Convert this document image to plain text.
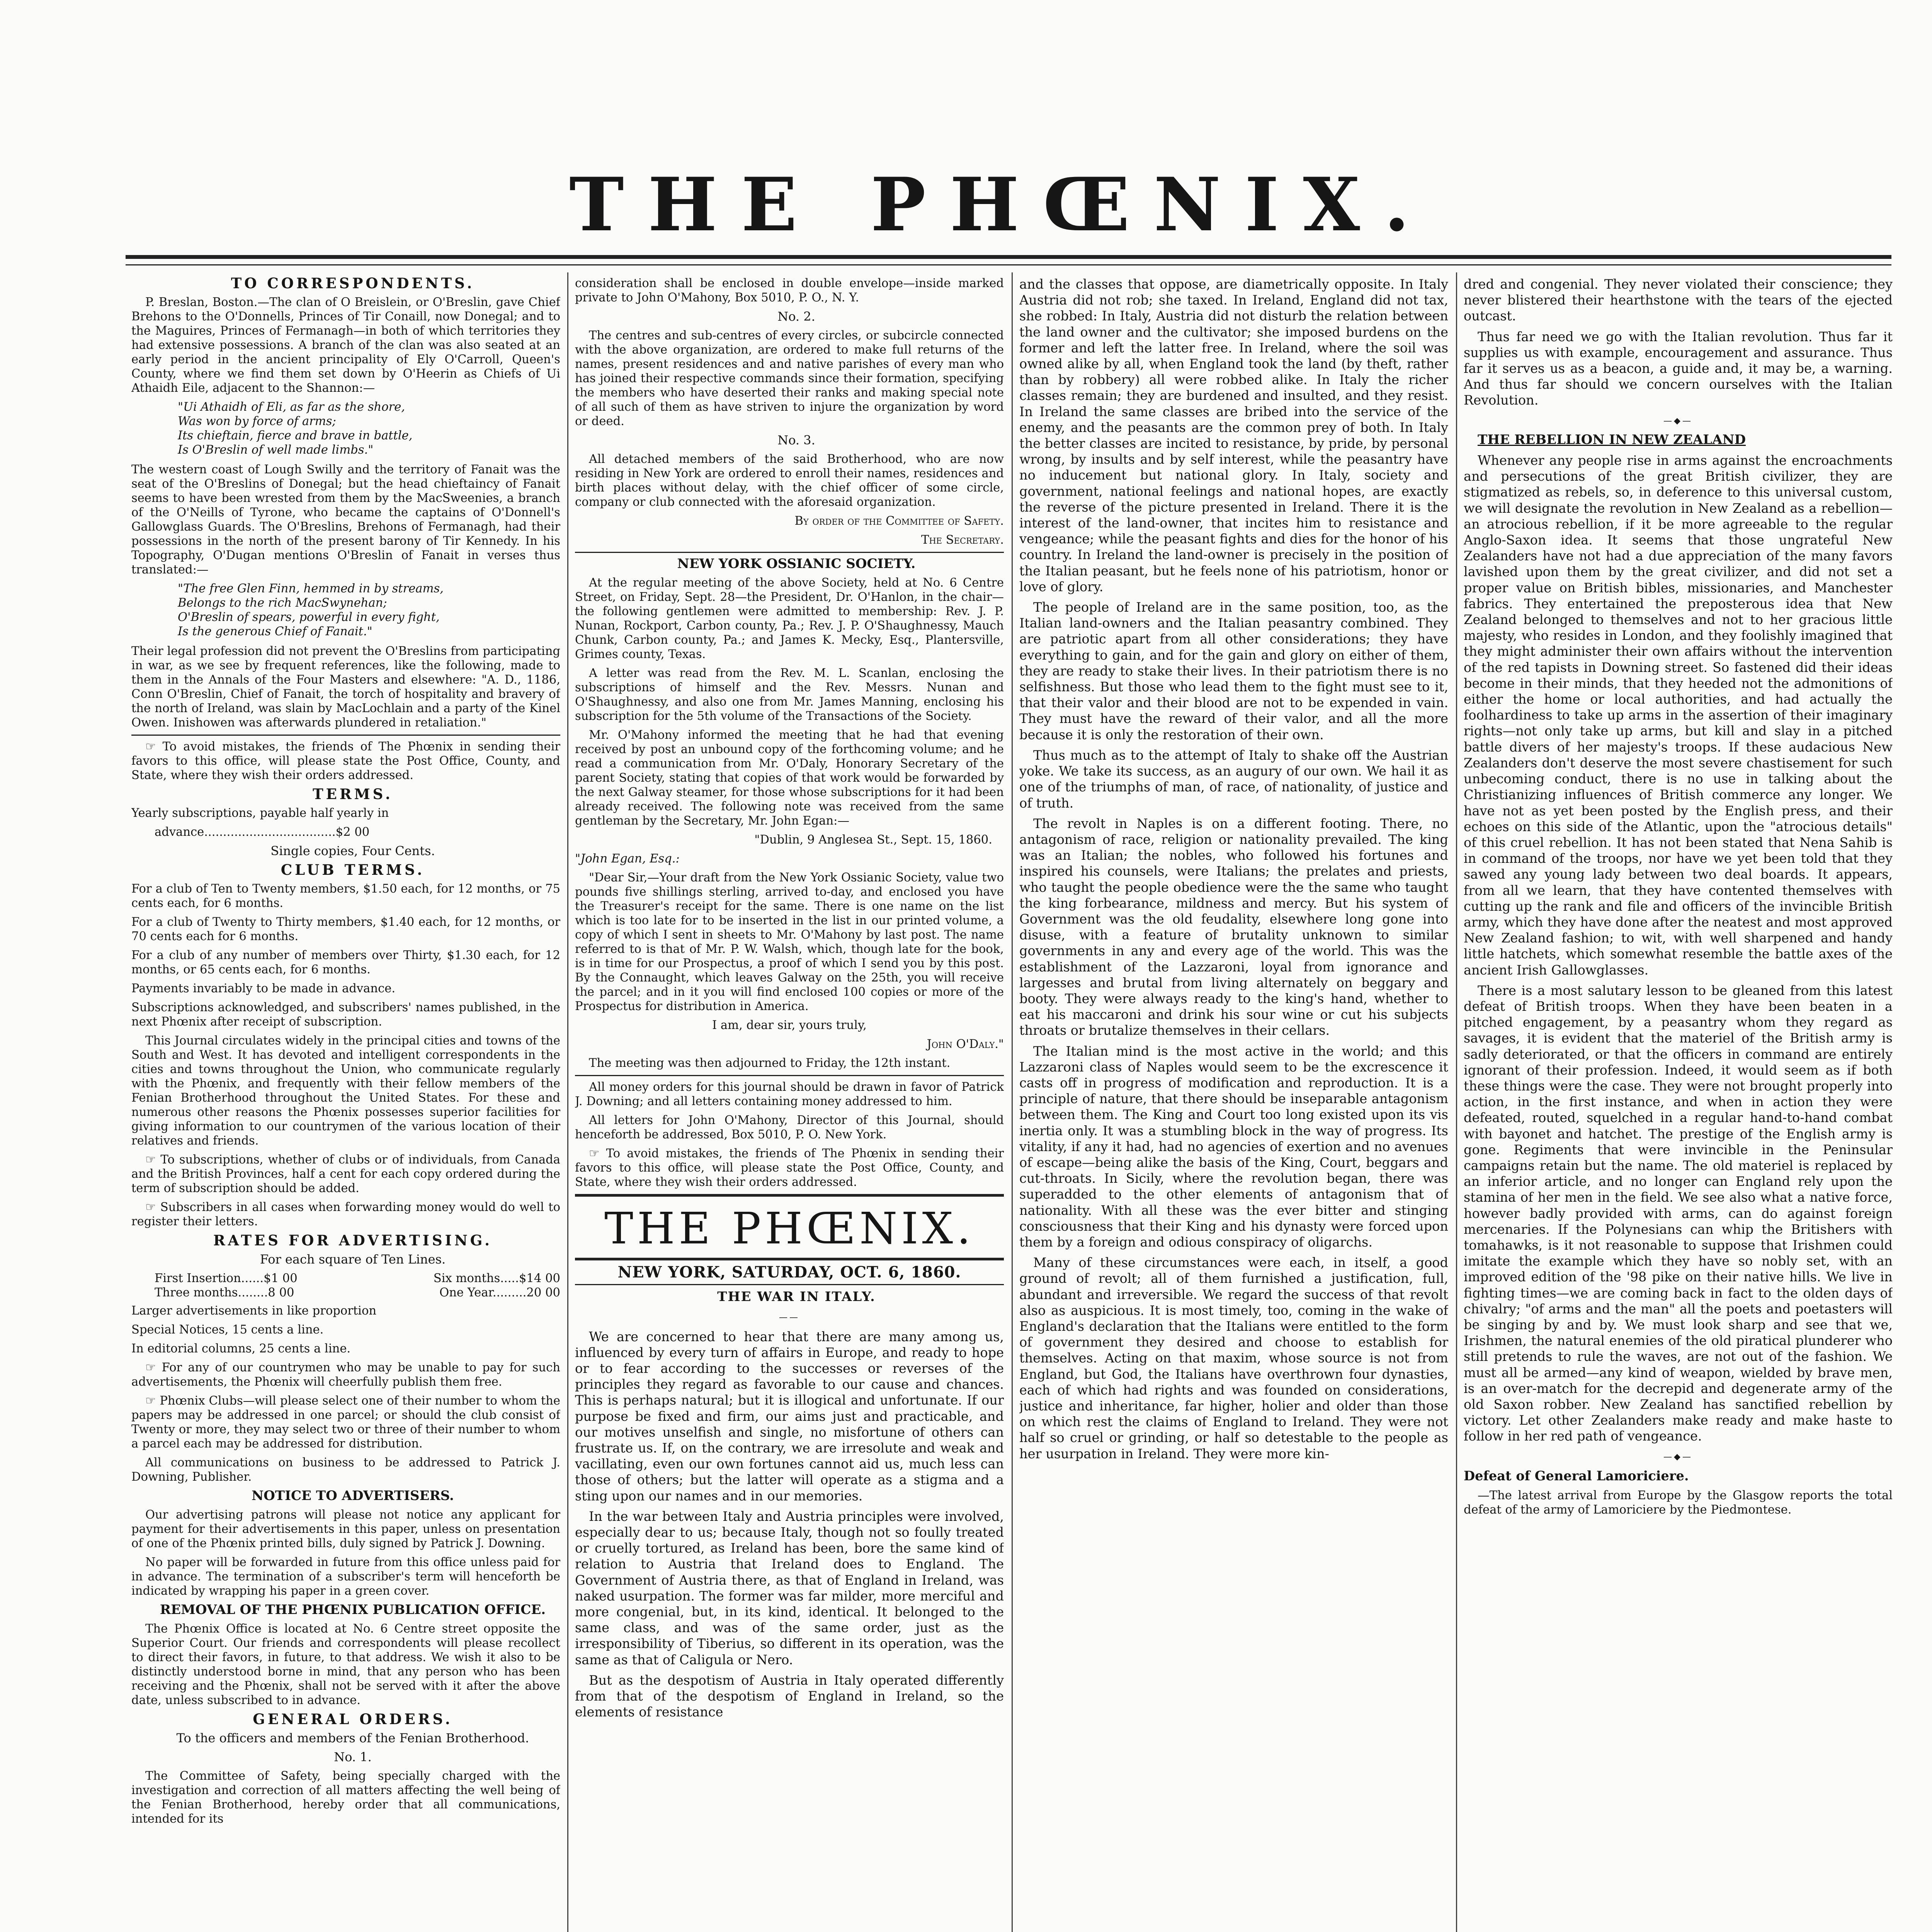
THE PHŒNIX.

TO CORRESPONDENTS.

P. Breslan, Boston.—The clan of O Breislein, or O'Breslin, gave Chief Brehons to the O'Donnells, Princes of Tir Conaill, now Donegal; and to the Maguires, Princes of Fermanagh—in both of which territories they had extensive possessions. A branch of the clan was also seated at an early period in the ancient principality of Ely O'Carroll, Queen's County, where we find them set down by O'Heerin as Chiefs of Ui Athaidh Eile, adjacent to the Shannon:—

"Ui Athaidh of Eli, as far as the shore,
Was won by force of arms;
Its chieftain, fierce and brave in battle,
Is O'Breslin of well made limbs."

The western coast of Lough Swilly and the territory of Fanait was the seat of the O'Breslins of Donegal; but the head chieftaincy of Fanait seems to have been wrested from them by the MacSweenies, a branch of the O'Neills of Tyrone, who became the captains of O'Donnell's Gallowglass Guards. The O'Breslins, Brehons of Fermanagh, had their possessions in the north of the present barony of Tir Kennedy. In his Topography, O'Dugan mentions O'Breslin of Fanait in verses thus translated:—

"The free Glen Finn, hemmed in by streams,
Belongs to the rich MacSwynehan;
O'Breslin of spears, powerful in every fight,
Is the generous Chief of Fanait."

Their legal profession did not prevent the O'Breslins from participating in war, as we see by frequent references, like the following, made to them in the Annals of the Four Masters and elsewhere: "A. D., 1186, Conn O'Breslin, Chief of Fanait, the torch of hospitality and bravery of the north of Ireland, was slain by MacLochlain and a party of the Kinel Owen. Inishowen was afterwards plundered in retaliation."

☞ To avoid mistakes, the friends of The Phœnix in sending their favors to this office, will please state the Post Office, County, and State, where they wish their orders addressed.

TERMS.

Yearly subscriptions, payable half yearly in

advance...................................$2 00

Single copies, Four Cents.

CLUB TERMS.

For a club of Ten to Twenty members, $1.50 each, for 12 months, or 75 cents each, for 6 months.

For a club of Twenty to Thirty members, $1.40 each, for 12 months, or 70 cents each for 6 months.

For a club of any number of members over Thirty, $1.30 each, for 12 months, or 65 cents each, for 6 months.

Payments invariably to be made in advance.

Subscriptions acknowledged, and subscribers' names published, in the next Phœnix after receipt of subscription.

This Journal circulates widely in the principal cities and towns of the South and West. It has devoted and intelligent correspondents in the cities and towns throughout the Union, who communicate regularly with the Phœnix, and frequently with their fellow members of the Fenian Brotherhood throughout the United States. For these and numerous other reasons the Phœnix possesses superior facilities for giving information to our countrymen of the various location of their relatives and friends.

☞ To subscriptions, whether of clubs or of individuals, from Canada and the British Provinces, half a cent for each copy ordered during the term of subscription should be added.

☞ Subscribers in all cases when forwarding money would do well to register their letters.

RATES FOR ADVERTISING.

For each square of Ten Lines.

First Insertion......$1 00	Six months.....$14 00
Three months........8 00	One Year.........20 00

Larger advertisements in like proportion

Special Notices, 15 cents a line.

In editorial columns, 25 cents a line.

☞ For any of our countrymen who may be unable to pay for such advertisements, the Phœnix will cheerfully publish them free.

☞ Phœnix Clubs—will please select one of their number to whom the papers may be addressed in one parcel; or should the club consist of Twenty or more, they may select two or three of their number to whom a parcel each may be addressed for distribution.

All communications on business to be addressed to Patrick J. Downing, Publisher.

NOTICE TO ADVERTISERS.

Our advertising patrons will please not notice any applicant for payment for their advertisements in this paper, unless on presentation of one of the Phœnix printed bills, duly signed by Patrick J. Downing.

No paper will be forwarded in future from this office unless paid for in advance. The termination of a subscriber's term will henceforth be indicated by wrapping his paper in a green cover.

REMOVAL OF THE PHŒNIX PUBLICATION OFFICE.

The Phœnix Office is located at No. 6 Centre street opposite the Superior Court. Our friends and correspondents will please recollect to direct their favors, in future, to that address. We wish it also to be distinctly understood borne in mind, that any person who has been receiving and the Phœnix, shall not be served with it after the above date, unless subscribed to in advance.

GENERAL ORDERS.

To the officers and members of the Fenian Brotherhood.

No. 1.

The Committee of Safety, being specially charged with the investigation and correction of all matters affecting the well being of the Fenian Brotherhood, hereby order that all communications, intended for its

consideration shall be enclosed in double envelope—inside marked private to John O'Mahony, Box 5010, P. O., N. Y.

No. 2.

The centres and sub-centres of every circles, or subcircle connected with the above organization, are ordered to make full returns of the names, present residences and and native parishes of every man who has joined their respective commands since their formation, specifying the members who have deserted their ranks and making special note of all such of them as have striven to injure the organization by word or deed.

No. 3.

All detached members of the said Brotherhood, who are now residing in New York are ordered to enroll their names, residences and birth places without delay, with the chief officer of some circle, company or club connected with the aforesaid organization.

By order of the Committee of Safety.

The Secretary.

NEW YORK OSSIANIC SOCIETY.

At the regular meeting of the above Society, held at No. 6 Centre Street, on Friday, Sept. 28—the President, Dr. O'Hanlon, in the chair—the following gentlemen were admitted to membership: Rev. J. P. Nunan, Rockport, Carbon county, Pa.; Rev. J. P. O'Shaughnessy, Mauch Chunk, Carbon county, Pa.; and James K. Mecky, Esq., Plantersville, Grimes county, Texas.

A letter was read from the Rev. M. L. Scanlan, enclosing the subscriptions of himself and the Rev. Messrs. Nunan and O'Shaughnessy, and also one from Mr. James Manning, enclosing his subscription for the 5th volume of the Transactions of the Society.

Mr. O'Mahony informed the meeting that he had that evening received by post an unbound copy of the forthcoming volume; and he read a communication from Mr. O'Daly, Honorary Secretary of the parent Society, stating that copies of that work would be forwarded by the next Galway steamer, for those whose subscriptions for it had been already received. The following note was received from the same gentleman by the Secretary, Mr. John Egan:—

"Dublin, 9 Anglesea St., Sept. 15, 1860.

"John Egan, Esq.:

"Dear Sir,—Your draft from the New York Ossianic Society, value two pounds five shillings sterling, arrived to-day, and enclosed you have the Treasurer's receipt for the same. There is one name on the list which is too late for to be inserted in the list in our printed volume, a copy of which I sent in sheets to Mr. O'Mahony by last post. The name referred to is that of Mr. P. W. Walsh, which, though late for the book, is in time for our Prospectus, a proof of which I send you by this post. By the Connaught, which leaves Galway on the 25th, you will receive the parcel; and in it you will find enclosed 100 copies or more of the Prospectus for distribution in America.

I am, dear sir, yours truly,

John O'Daly."

The meeting was then adjourned to Friday, the 12th instant.

All money orders for this journal should be drawn in favor of Patrick J. Downing; and all letters containing money addressed to him.

All letters for John O'Mahony, Director of this Journal, should henceforth be addressed, Box 5010, P. O. New York.

☞ To avoid mistakes, the friends of The Phœnix in sending their favors to this office, will please state the Post Office, County, and State, where they wish their orders addressed.

THE PHŒNIX.
NEW YORK, SATURDAY, OCT. 6, 1860.

THE WAR IN ITALY.

——

We are concerned to hear that there are many among us, influenced by every turn of affairs in Europe, and ready to hope or to fear according to the successes or reverses of the principles they regard as favorable to our cause and chances. This is perhaps natural; but it is illogical and unfortunate. If our purpose be fixed and firm, our aims just and practicable, and our motives unselfish and single, no misfortune of others can frustrate us. If, on the contrary, we are irresolute and weak and vacillating, even our own fortunes cannot aid us, much less can those of others; but the latter will operate as a stigma and a sting upon our names and in our memories.

In the war between Italy and Austria principles were involved, especially dear to us; because Italy, though not so foully treated or cruelly tortured, as Ireland has been, bore the same kind of relation to Austria that Ireland does to England. The Government of Austria there, as that of England in Ireland, was naked usurpation. The former was far milder, more merciful and more congenial, but, in its kind, identical. It belonged to the same class, and was of the same order, just as the irresponsibility of Tiberius, so different in its operation, was the same as that of Caligula or Nero.

But as the despotism of Austria in Italy operated differently from that of the despotism of England in Ireland, so the elements of resistance

and the classes that oppose, are diametrically opposite. In Italy Austria did not rob; she taxed. In Ireland, England did not tax, she robbed: In Italy, Austria did not disturb the relation between the land owner and the cultivator; she imposed burdens on the former and left the latter free. In Ireland, where the soil was owned alike by all, when England took the land (by theft, rather than by robbery) all were robbed alike. In Italy the richer classes remain; they are burdened and insulted, and they resist. In Ireland the same classes are bribed into the service of the enemy, and the peasants are the common prey of both. In Italy the better classes are incited to resistance, by pride, by personal wrong, by insults and by self interest, while the peasantry have no inducement but national glory. In Italy, society and government, national feelings and national hopes, are exactly the reverse of the picture presented in Ireland. There it is the interest of the land-owner, that incites him to resistance and vengeance; while the peasant fights and dies for the honor of his country. In Ireland the land-owner is precisely in the position of the Italian peasant, but he feels none of his patriotism, honor or love of glory.

The people of Ireland are in the same position, too, as the Italian land-owners and the Italian peasantry combined. They are patriotic apart from all other considerations; they have everything to gain, and for the gain and glory on either of them, they are ready to stake their lives. In their patriotism there is no selfishness. But those who lead them to the fight must see to it, that their valor and their blood are not to be expended in vain. They must have the reward of their valor, and all the more because it is only the restoration of their own.

Thus much as to the attempt of Italy to shake off the Austrian yoke. We take its success, as an augury of our own. We hail it as one of the triumphs of man, of race, of nationality, of justice and of truth.

The revolt in Naples is on a different footing. There, no antagonism of race, religion or nationality prevailed. The king was an Italian; the nobles, who followed his fortunes and inspired his counsels, were Italians; the prelates and priests, who taught the people obedience were the the same who taught the king forbearance, mildness and mercy. But his system of Government was the old feudality, elsewhere long gone into disuse, with a feature of brutality unknown to similar governments in any and every age of the world. This was the establishment of the Lazzaroni, loyal from ignorance and largesses and brutal from living alternately on beggary and booty. They were always ready to the king's hand, whether to eat his maccaroni and drink his sour wine or cut his subjects throats or brutalize themselves in their cellars.

The Italian mind is the most active in the world; and this Lazzaroni class of Naples would seem to be the excrescence it casts off in progress of modification and reproduction. It is a principle of nature, that there should be inseparable antagonism between them. The King and Court too long existed upon its vis inertia only. It was a stumbling block in the way of progress. Its vitality, if any it had, had no agencies of exertion and no avenues of escape—being alike the basis of the King, Court, beggars and cut-throats. In Sicily, where the revolution began, there was superadded to the other elements of antagonism that of nationality. With all these was the ever bitter and stinging consciousness that their King and his dynasty were forced upon them by a foreign and odious conspiracy of oligarchs.

Many of these circumstances were each, in itself, a good ground of revolt; all of them furnished a justification, full, abundant and irreversible. We regard the success of that revolt also as auspicious. It is most timely, too, coming in the wake of England's declaration that the Italians were entitled to the form of government they desired and choose to establish for themselves. Acting on that maxim, whose source is not from England, but God, the Italians have overthrown four dynasties, each of which had rights and was founded on considerations, justice and inheritance, far higher, holier and older than those on which rest the claims of England to Ireland. They were not half so cruel or grinding, or half so detestable to the people as her usurpation in Ireland. They were more kin-

dred and congenial. They never violated their conscience; they never blistered their hearthstone with the tears of the ejected outcast.

Thus far need we go with the Italian revolution. Thus far it supplies us with example, encouragement and assurance. Thus far it serves us as a beacon, a guide and, it may be, a warning. And thus far should we concern ourselves with the Italian Revolution.

—◆—

THE REBELLION IN NEW ZEALAND

Whenever any people rise in arms against the encroachments and persecutions of the great British civilizer, they are stigmatized as rebels, so, in deference to this universal custom, we will designate the revolution in New Zealand as a rebellion—an atrocious rebellion, if it be more agreeable to the regular Anglo-Saxon idea. It seems that those ungrateful New Zealanders have not had a due appreciation of the many favors lavished upon them by the great civilizer, and did not set a proper value on British bibles, missionaries, and Manchester fabrics. They entertained the preposterous idea that New Zealand belonged to themselves and not to her gracious little majesty, who resides in London, and they foolishly imagined that they might administer their own affairs without the intervention of the red tapists in Downing street. So fastened did their ideas become in their minds, that they heeded not the admonitions of either the home or local authorities, and had actually the foolhardiness to take up arms in the assertion of their imaginary rights—not only take up arms, but kill and slay in a pitched battle divers of her majesty's troops. If these audacious New Zealanders don't deserve the most severe chastisement for such unbecoming conduct, there is no use in talking about the Christianizing influences of British commerce any longer. We have not as yet been posted by the English press, and their echoes on this side of the Atlantic, upon the "atrocious details" of this cruel rebellion. It has not been stated that Nena Sahib is in command of the troops, nor have we yet been told that they sawed any young lady between two deal boards. It appears, from all we learn, that they have contented themselves with cutting up the rank and file and officers of the invincible British army, which they have done after the neatest and most approved New Zealand fashion; to wit, with well sharpened and handy little hatchets, which somewhat resemble the battle axes of the ancient Irish Gallowglasses.

There is a most salutary lesson to be gleaned from this latest defeat of British troops. When they have been beaten in a pitched engagement, by a peasantry whom they regard as savages, it is evident that the materiel of the British army is sadly deteriorated, or that the officers in command are entirely ignorant of their profession. Indeed, it would seem as if both these things were the case. They were not brought properly into action, in the first instance, and when in action they were defeated, routed, squelched in a regular hand-to-hand combat with bayonet and hatchet. The prestige of the English army is gone. Regiments that were invincible in the Peninsular campaigns retain but the name. The old materiel is replaced by an inferior article, and no longer can England rely upon the stamina of her men in the field. We see also what a native force, however badly provided with arms, can do against foreign mercenaries. If the Polynesians can whip the Britishers with tomahawks, is it not reasonable to suppose that Irishmen could imitate the example which they have so nobly set, with an improved edition of the '98 pike on their native hills. We live in fighting times—we are coming back in fact to the olden days of chivalry; "of arms and the man" all the poets and poetasters will be singing by and by. We must look sharp and see that we, Irishmen, the natural enemies of the old piratical plunderer who still pretends to rule the waves, are not out of the fashion. We must all be armed—any kind of weapon, wielded by brave men, is an over-match for the decrepid and degenerate army of the old Saxon robber. New Zealand has sanctified rebellion by victory. Let other Zealanders make ready and make haste to follow in her red path of vengeance.

—◆—

Defeat of General Lamoriciere.

—The latest arrival from Europe by the Glasgow reports the total defeat of the army of Lamoriciere by the Piedmontese.
